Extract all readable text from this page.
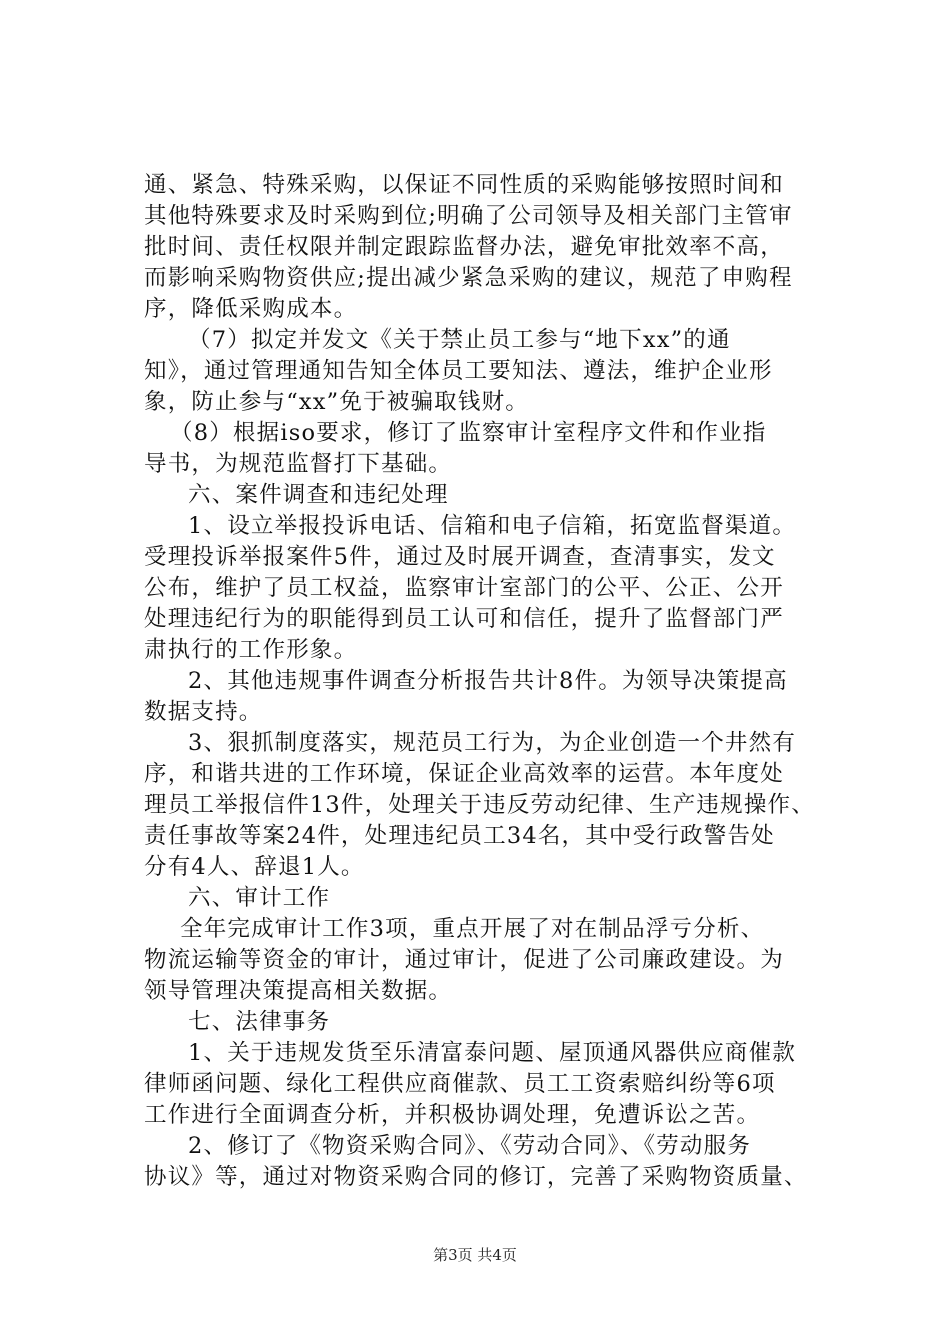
通、紧急、特殊采购，以保证不同性质的采购能够按照时间和
其他特殊要求及时采购到位;明确了公司领导及相关部门主管审
批时间、责任权限并制定跟踪监督办法，避免审批效率不高，
而影响采购物资供应;提出减少紧急采购的建议，规范了申购程
序，降低采购成本。
（7）拟定并发文《关于禁止员工参与“地下xx”的通
知》，通过管理通知告知全体员工要知法、遵法，维护企业形
象，防止参与“xx”免于被骗取钱财。
（8）根据iso要求，修订了监察审计室程序文件和作业指
导书，为规范监督打下基础。
六、案件调查和违纪处理
1、设立举报投诉电话、信箱和电子信箱，拓宽监督渠道。
受理投诉举报案件5件，通过及时展开调查，查清事实，发文
公布，维护了员工权益，监察审计室部门的公平、公正、公开
处理违纪行为的职能得到员工认可和信任，提升了监督部门严
肃执行的工作形象。
2、其他违规事件调查分析报告共计8件。为领导决策提高
数据支持。
3、狠抓制度落实，规范员工行为，为企业创造一个井然有
序，和谐共进的工作环境，保证企业高效率的运营。本年度处
理员工举报信件13件，处理关于违反劳动纪律、生产违规操作、
责任事故等案24件，处理违纪员工34名，其中受行政警告处
分有4人、辞退1人。
六、审计工作
全年完成审计工作3项，重点开展了对在制品浮亏分析、
物流运输等资金的审计，通过审计，促进了公司廉政建设。为
领导管理决策提高相关数据。
七、法律事务
1、关于违规发货至乐清富泰问题、屋顶通风器供应商催款
律师函问题、绿化工程供应商催款、员工工资索赔纠纷等6项
工作进行全面调查分析，并积极协调处理，免遭诉讼之苦。
2、修订了《物资采购合同》、《劳动合同》、《劳动服务
协议》等，通过对物资采购合同的修订，完善了采购物资质量、
第3页 共4页
